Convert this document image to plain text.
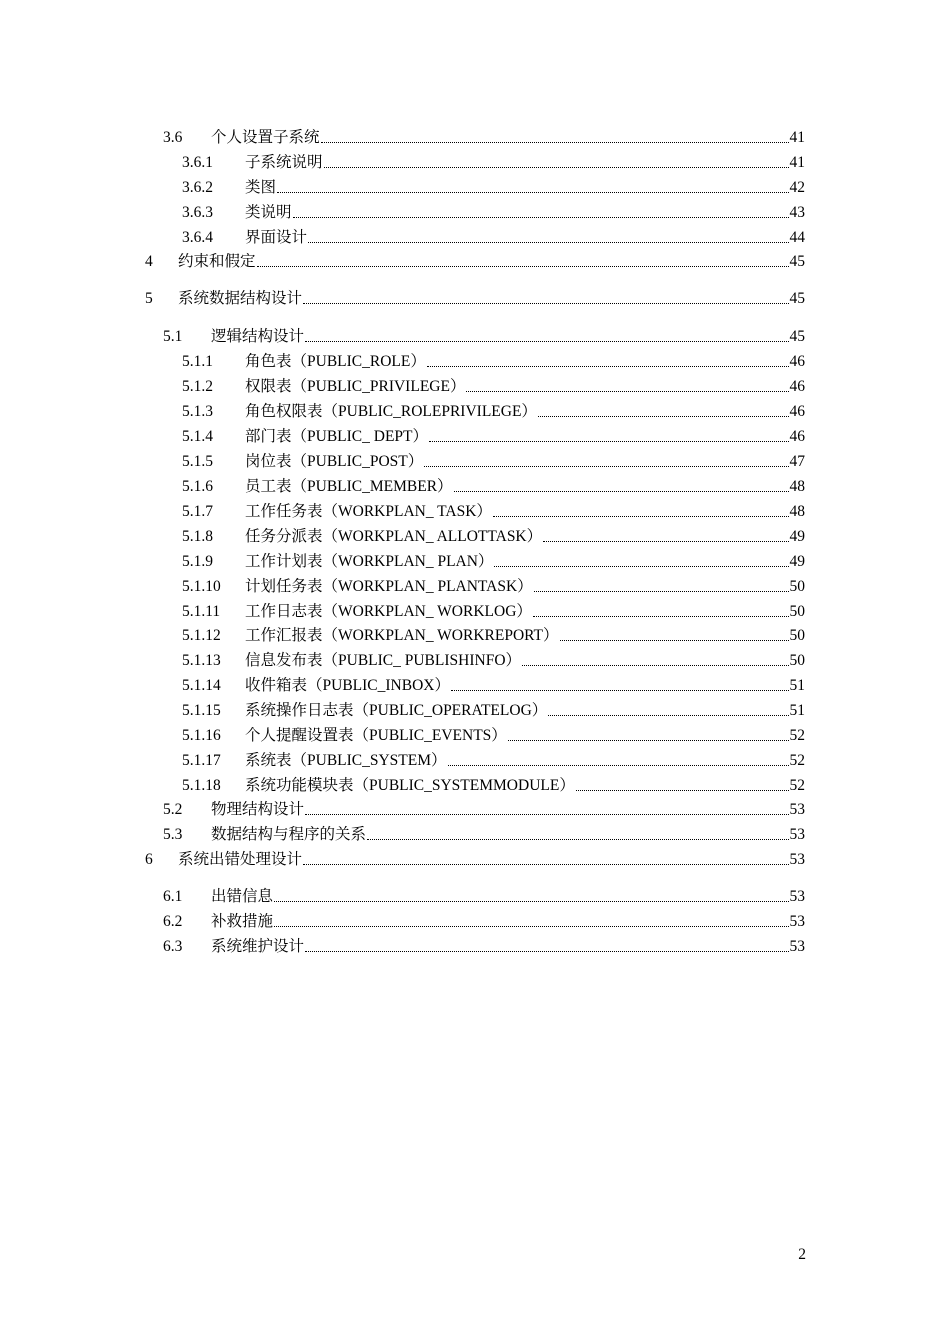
3.6	个人设置子系统	41
3.6.1	子系统说明	41
3.6.2	类图	42
3.6.3	类说明	43
3.6.4	界面设计	44
4	约束和假定	45
5	系统数据结构设计	45
5.1	逻辑结构设计	45
5.1.1	角色表（PUBLIC_ROLE）	46
5.1.2	权限表（PUBLIC_PRIVILEGE）	46
5.1.3	角色权限表（PUBLIC_ROLEPRIVILEGE）	46
5.1.4	部门表（PUBLIC_ DEPT）	46
5.1.5	岗位表（PUBLIC_POST）	47
5.1.6	员工表（PUBLIC_MEMBER）	48
5.1.7	工作任务表（WORKPLAN_ TASK）	48
5.1.8	任务分派表（WORKPLAN_ ALLOTTASK）	49
5.1.9	工作计划表（WORKPLAN_ PLAN）	49
5.1.10	计划任务表（WORKPLAN_ PLANTASK）	50
5.1.11	工作日志表（WORKPLAN_ WORKLOG）	50
5.1.12	工作汇报表（WORKPLAN_ WORKREPORT）	50
5.1.13	信息发布表（PUBLIC_ PUBLISHINFO）	50
5.1.14	收件箱表（PUBLIC_INBOX）	51
5.1.15	系统操作日志表（PUBLIC_OPERATELOG）	51
5.1.16	个人提醒设置表（PUBLIC_EVENTS）	52
5.1.17	系统表（PUBLIC_SYSTEM）	52
5.1.18	系统功能模块表（PUBLIC_SYSTEMMODULE）	52
5.2	物理结构设计	53
5.3	数据结构与程序的关系	53
6	系统出错处理设计	53
6.1	出错信息	53
6.2	补救措施	53
6.3	系统维护设计	53
2
